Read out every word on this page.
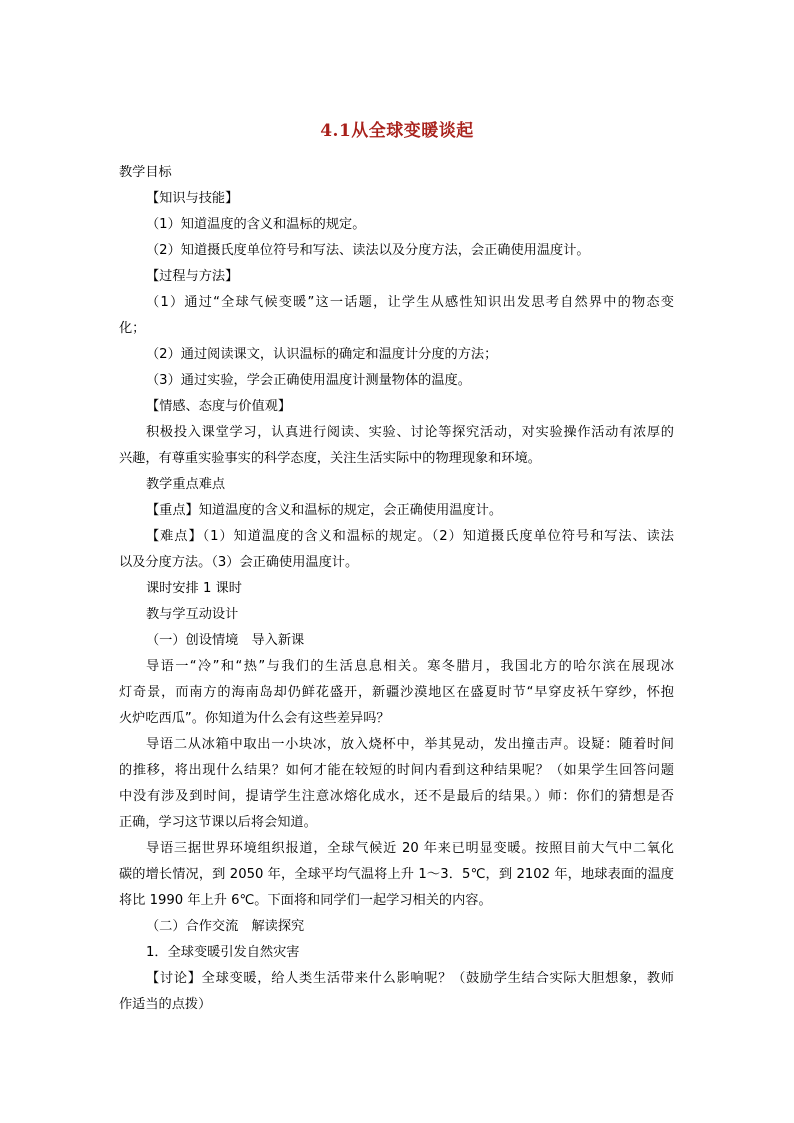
4.1从全球变暖谈起
教学目标
【知识与技能】
（1）知道温度的含义和温标的规定。
（2）知道摄氏度单位符号和写法、读法以及分度方法，会正确使用温度计。
【过程与方法】
（1）通过“全球气候变暖”这一话题，让学生从感性知识出发思考自然界中的物态变
化；
（2）通过阅读课文，认识温标的确定和温度计分度的方法；
（3）通过实验，学会正确使用温度计测量物体的温度。
【情感、态度与价值观】
积极投入课堂学习，认真进行阅读、实验、讨论等探究活动，对实验操作活动有浓厚的
兴趣，有尊重实验事实的科学态度，关注生活实际中的物理现象和环境。
教学重点难点
【重点】知道温度的含义和温标的规定，会正确使用温度计。
【难点】（1）知道温度的含义和温标的规定。（2）知道摄氏度单位符号和写法、读法
以及分度方法。（3）会正确使用温度计。
课时安排 1 课时
教与学互动设计
（一）创设情境　导入新课
导语一“冷”和“热”与我们的生活息息相关。寒冬腊月，我国北方的哈尔滨在展现冰
灯奇景，而南方的海南岛却仍鲜花盛开，新疆沙漠地区在盛夏时节“早穿皮袄午穿纱，怀抱
火炉吃西瓜”。你知道为什么会有这些差异吗？
导语二从冰箱中取出一小块冰，放入烧杯中，举其晃动，发出撞击声。设疑：随着时间
的推移，将出现什么结果？如何才能在较短的时间内看到这种结果呢？（如果学生回答问题
中没有涉及到时间，提请学生注意冰熔化成水，还不是最后的结果。）师：你们的猜想是否
正确，学习这节课以后将会知道。
导语三据世界环境组织报道，全球气候近 20 年来已明显变暖。按照目前大气中二氧化
碳的增长情况，到 2050 年，全球平均气温将上升 1～3．5℃，到 2102 年，地球表面的温度
将比 1990 年上升 6℃。下面将和同学们一起学习相关的内容。
（二）合作交流　解读探究
1．全球变暖引发自然灾害
【讨论】全球变暖，给人类生活带来什么影响呢？（鼓励学生结合实际大胆想象，教师
作适当的点拨）
